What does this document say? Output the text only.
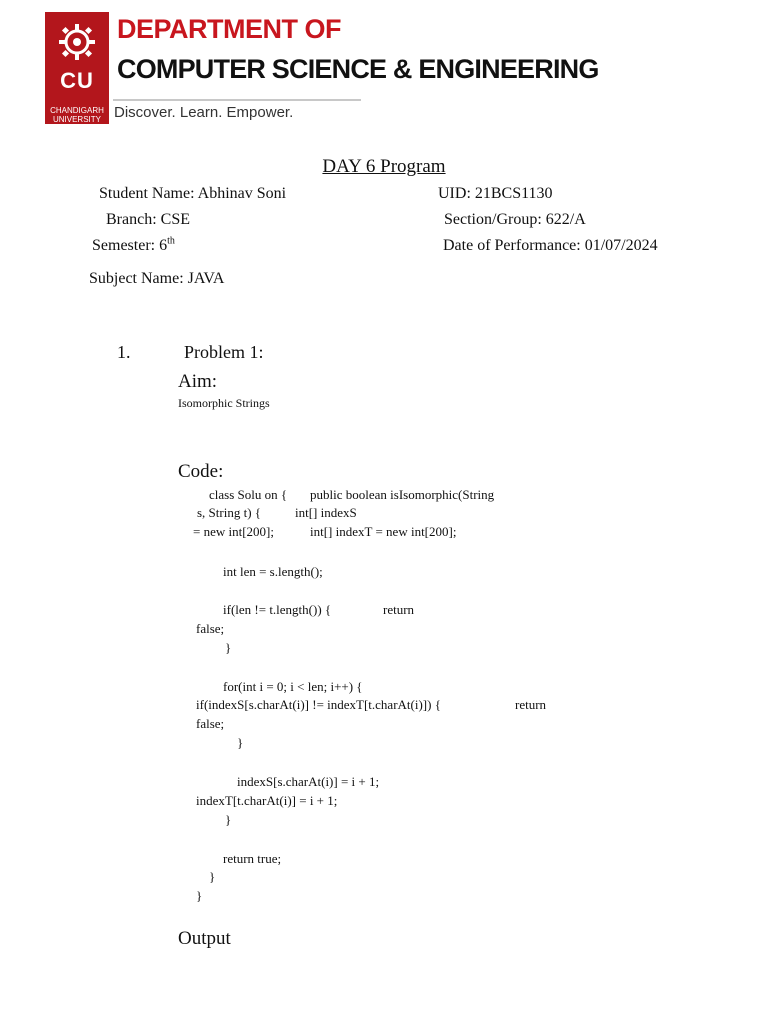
CU
CHANDIGARH UNIVERSITY
DEPARTMENT OF
COMPUTER SCIENCE & ENGINEERING
Discover. Learn. Empower.
DAY 6 Program
Student Name: Abhinav Soni	UID: 21BCS1130
Branch: CSE	Section/Group: 622/A
Semester: 6th	Date of Performance: 01/07/2024
Subject Name: JAVA
1.	Problem 1:
Aim:
Isomorphic Strings
Code:
class Solu on { public boolean isIsomorphic(String
s, String t) {	int[] indexS
= new int[200];	int[] indexT = new int[200];
int len = s.length();
if(len != t.length()) {	return
false;
}
for(int i = 0; i < len; i++) {
if(indexS[s.charAt(i)] != indexT[t.charAt(i)]) {	return
false;
}
indexS[s.charAt(i)] = i + 1;
indexT[t.charAt(i)] = i + 1;
}
return true;
}
}
Output
